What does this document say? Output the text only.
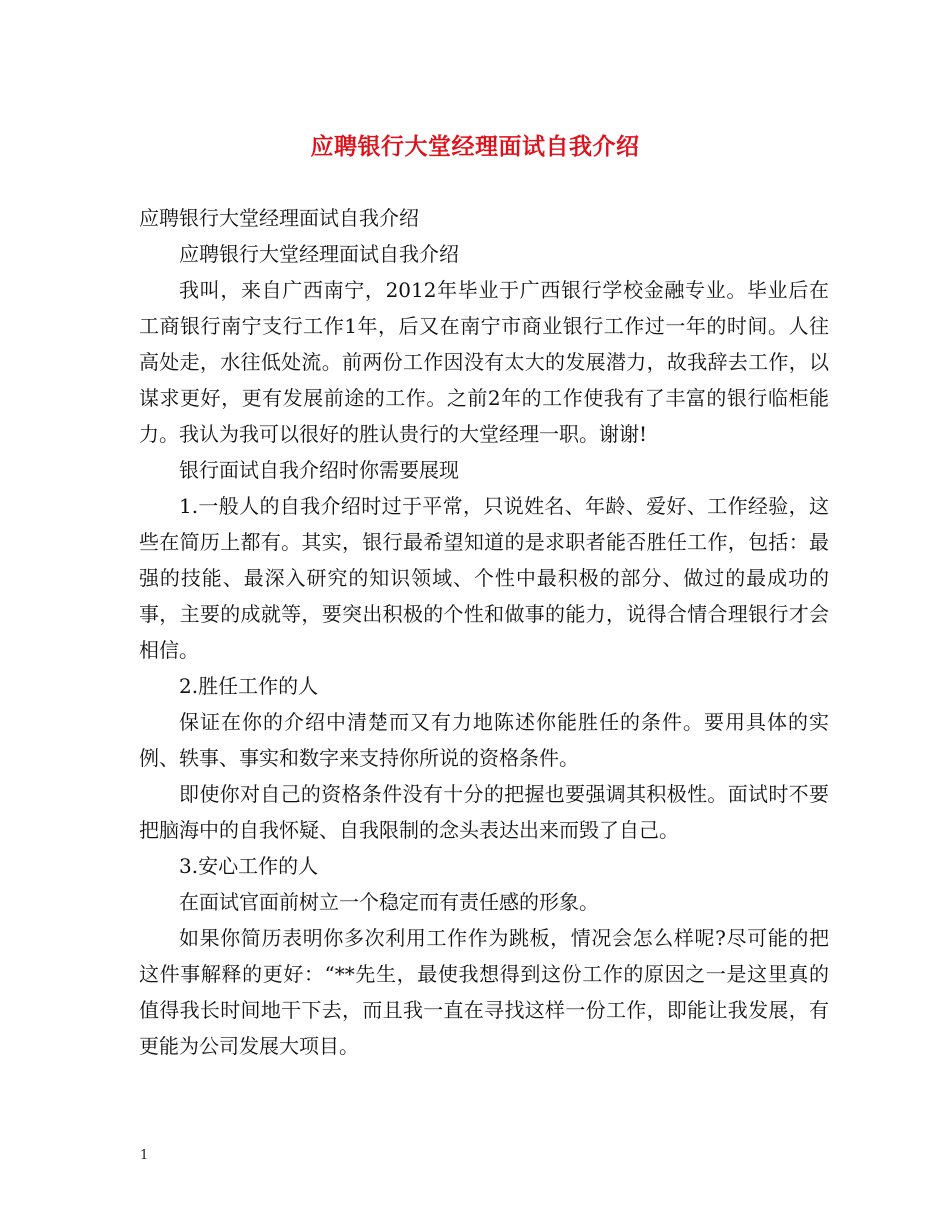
应聘银行大堂经理面试自我介绍

应聘银行大堂经理面试自我介绍

应聘银行大堂经理面试自我介绍

我叫，来自广西南宁，2012年毕业于广西银行学校金融专业。毕业后在工商银行南宁支行工作1年，后又在南宁市商业银行工作过一年的时间。人往高处走，水往低处流。前两份工作因没有太大的发展潜力，故我辞去工作，以谋求更好，更有发展前途的工作。之前2年的工作使我有了丰富的银行临柜能力。我认为我可以很好的胜认贵行的大堂经理一职。谢谢!

银行面试自我介绍时你需要展现

1.一般人的自我介绍时过于平常，只说姓名、年龄、爱好、工作经验，这些在简历上都有。其实，银行最希望知道的是求职者能否胜任工作，包括：最强的技能、最深入研究的知识领域、个性中最积极的部分、做过的最成功的事，主要的成就等，要突出积极的个性和做事的能力，说得合情合理银行才会相信。

2.胜任工作的人

保证在你的介绍中清楚而又有力地陈述你能胜任的条件。要用具体的实例、轶事、事实和数字来支持你所说的资格条件。

即使你对自己的资格条件没有十分的把握也要强调其积极性。面试时不要把脑海中的自我怀疑、自我限制的念头表达出来而毁了自己。

3.安心工作的人

在面试官面前树立一个稳定而有责任感的形象。

如果你简历表明你多次利用工作作为跳板，情况会怎么样呢?尽可能的把这件事解释的更好：“**先生，最使我想得到这份工作的原因之一是这里真的值得我长时间地干下去，而且我一直在寻找这样一份工作，即能让我发展，有更能为公司发展大项目。

1
